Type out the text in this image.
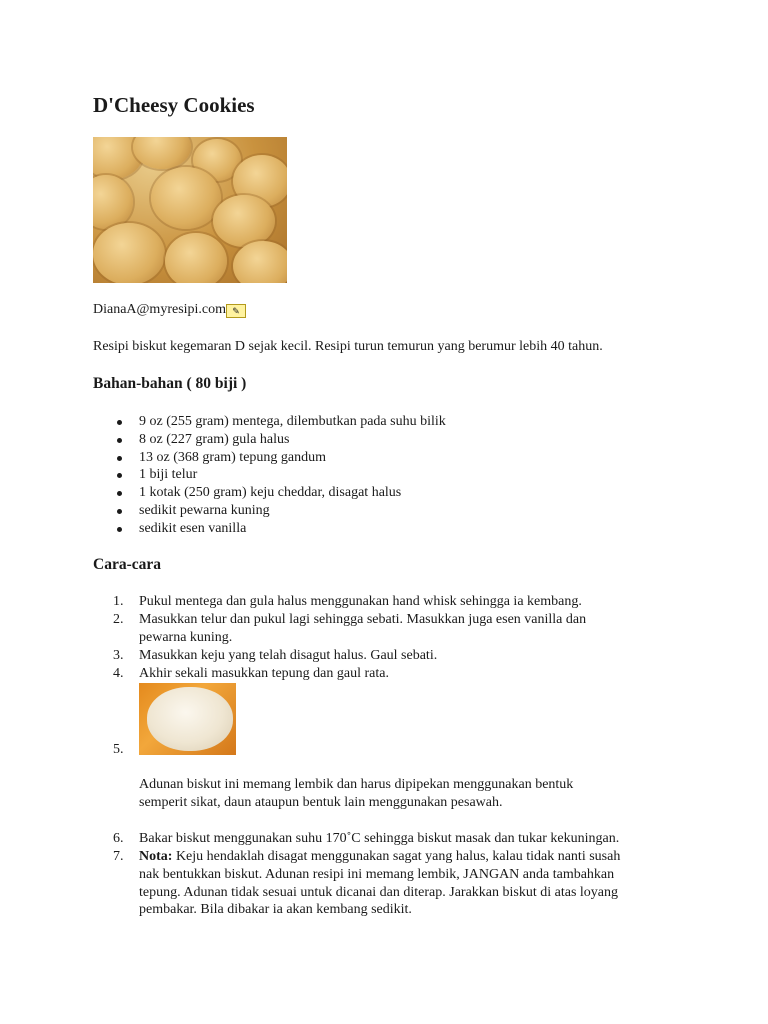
D'Cheesy Cookies
DianaA@myresipi.com ✎
Resipi biskut kegemaran D sejak kecil. Resipi turun temurun yang berumur lebih 40 tahun.
Bahan-bahan ( 80 biji )
9 oz (255 gram) mentega, dilembutkan pada suhu bilik
8 oz (227 gram) gula halus
13 oz (368 gram) tepung gandum
1 biji telur
1 kotak (250 gram) keju cheddar, disagat halus
sedikit pewarna kuning
sedikit esen vanilla
Cara-cara
1. Pukul mentega dan gula halus menggunakan hand whisk sehingga ia kembang.
2. Masukkan telur dan pukul lagi sehingga sebati. Masukkan juga esen vanilla dan
pewarna kuning.
3. Masukkan keju yang telah disagut halus. Gaul sebati.
4. Akhir sekali masukkan tepung dan gaul rata.
5.
Adunan biskut ini memang lembik dan harus dipipekan menggunakan bentuk
semperit sikat, daun ataupun bentuk lain menggunakan pesawah.
6. Bakar biskut menggunakan suhu 170˚C sehingga biskut masak dan tukar kekuningan.
7. Nota: Keju hendaklah disagat menggunakan sagat yang halus, kalau tidak nanti susah
nak bentukkan biskut. Adunan resipi ini memang lembik, JANGAN anda tambahkan
tepung. Adunan tidak sesuai untuk dicanai dan diterap. Jarakkan biskut di atas loyang
pembakar. Bila dibakar ia akan kembang sedikit.
